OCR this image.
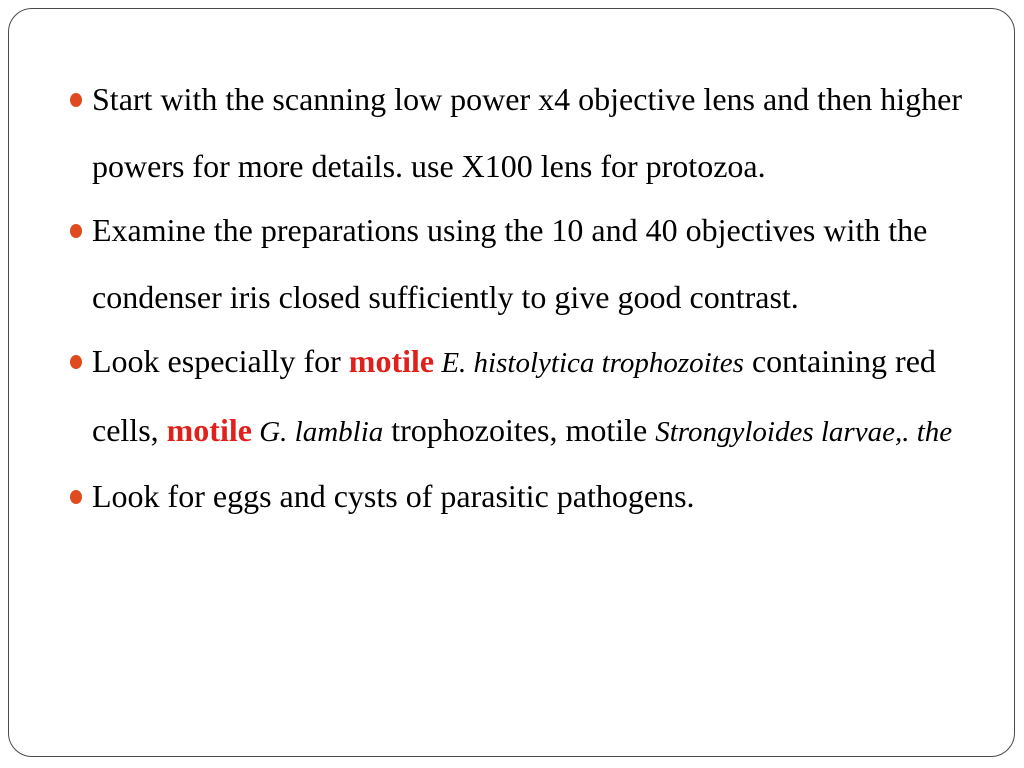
Start with the scanning low power x4 objective lens and then higher powers for more details. use X100 lens for protozoa.
Examine the preparations using the 10 and 40 objectives with the condenser iris closed sufficiently to give good contrast.
Look especially for motile E. histolytica trophozoites containing red cells, motile G. lamblia trophozoites, motile Strongyloides larvae,. the
Look for eggs and cysts of parasitic pathogens.
